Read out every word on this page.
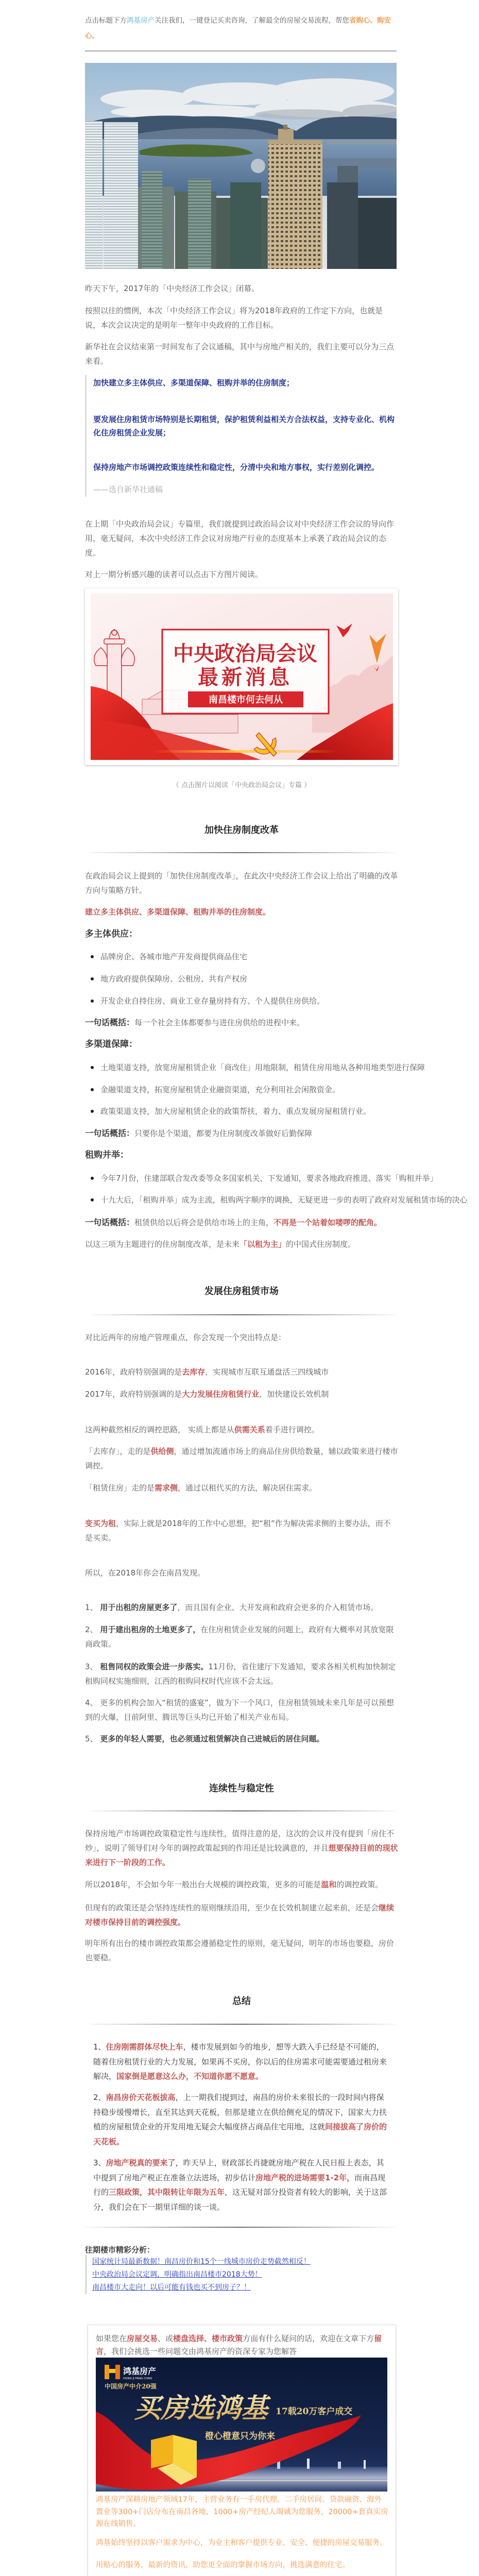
点击标题下方鸿基房产关注我们，一键登记买卖咨询，了解最全的房屋交易流程，帮您省购心、购安心。

昨天下午，2017年的「中央经济工作会议」闭幕。

按照以往的惯例，本次「中央经济工作会议」将为2018年政府的工作定下方向，也就是说，本次会议决定的是明年一整年中央政府的工作目标。

新华社在会议结束第一时间发布了会议通稿，其中与房地产相关的，我们主要可以分为三点来看。

加快建立多主体供应、多渠道保障、租购并举的住房制度；

要发展住房租赁市场特别是长期租赁，保护租赁利益相关方合法权益，支持专业化、机构化住房租赁企业发展；

保持房地产市场调控政策连续性和稳定性，分清中央和地方事权，实行差别化调控。

——选自新华社通稿

在上期「中央政治局会议」专篇里，我们就提到过政治局会议对中央经济工作会议的导向作用，毫无疑问，本次中央经济工作会议对房地产行业的态度基本上承袭了政治局会议的态度。

对上一期分析感兴趣的读者可以点击下方图片阅读。

中央政治局会议
最新消息
南昌楼市何去何从

（ 点击图片以阅读「中央政治局会议」专篇 ）

加快住房制度改革

在政治局会议上提到的「加快住房制度改革」，在此次中央经济工作会议上给出了明确的改革方向与策略方针。

建立多主体供应、多渠道保障、租购并举的住房制度。

多主体供应：

品牌房企、各城市地产开发商提供商品住宅
地方政府提供保障房、公租房、共有产权房
开发企业自持住房、商业工业存量房持有方、个人提供住房供给。

一句话概括：每一个社会主体都要参与进住房供给的进程中来。

多渠道保障：

土地渠道支持，放宽房屋租赁企业「商改住」用地限制，租赁住房用地从各种用地类型进行保障
金融渠道支持，拓宽房屋租赁企业融资渠道，充分利用社会闲散资金。
政策渠道支持，加大房屋租赁企业的政策帮扶，着力、重点发展房屋租赁行业。

一句话概括：只要你是个渠道，都要为住房制度改革做好后勤保障

租购并举：

今年7月份，住建部联合发改委等众多国家机关，下发通知，要求各地政府推进、落实「购租并举」
十九大后，「租购并举」成为主流，租购两字顺序的调换，无疑更进一步的表明了政府对发展租赁市场的决心

一句话概括：租赁供给以后将会是供给市场上的主角，不再是一个站着如喽啰的配角。

以这三项为主题进行的住房制度改革，是未来「以租为主」的中国式住房制度。

发展住房租赁市场

对比近两年的房地产管理重点，你会发现一个突出特点是：

2016年，政府特别强调的是去库存，实现城市互联互通盘活三四线城市

2017年，政府特别强调的是大力发展住房租赁行业，加快建设长效机制

这两种截然相反的调控思路， 实质上都是从供需关系着手进行调控。

「去库存」，走的是供给侧，通过增加流通市场上的商品住房供给数量，辅以政策来进行楼市调控。

「租赁住房」走的是需求侧，通过以租代买的方法，解决居住需求。

变买为租，实际上就是2018年的工作中心思想，把“租”作为解决需求侧的主要办法，而不是买卖。

所以，在2018年你会在南昌发现。

1、 用于出租的房屋更多了，而且国有企业、大开发商和政府会更多的介入租赁市场。

2、 用于建出租房的土地更多了，在住房租赁企业发展的问题上，政府有大概率对其放宽限商政策。

3、 租售同权的政策会进一步落实。11月份，省住建厅下发通知，要求各相关机构加快制定租购同权实施细则，江西的租购同权时代应该不会太远。

4、 更多的机构会加入“租赁的盛宴”，做为下一个风口，住房租赁领域未来几年是可以预想到的火爆，目前阿里、腾讯等巨头均已开始了相关产业布局。

5、 更多的年轻人需要，也必须通过租赁解决自己进城后的居住问题。

连续性与稳定性

保持房地产市场调控政策稳定性与连续性，值得注意的是，这次的会议并没有提到「房住不炒」，说明了领导们对今年的调控政策起到的作用还是比较满意的，并且想要保持目前的现状来进行下一阶段的工作。

所以2018年，不会如今年一般出台大规模的调控政策，更多的可能是温和的调控政策。

但现有的政策还是会坚持连续性的原则继续沿用，至少在长效机制建立起来前，还是会继续对楼市保持目前的调控强度。

明年所有出台的楼市调控政策都会遵循稳定性的原则，毫无疑问，明年的市场也要稳，房价也要稳。

总结

1、住房刚需群体尽快上车，楼市发展到如今的地步，想等大跌入手已经是不可能的，随着住房租赁行业的大力发展，如果再不买房，你以后的住房需求可能需要通过租房来解决，国家倒是愿意这么办，不知道你愿不愿意。

2、南昌房价天花板拔高，上一期我们提到过，南昌的房价未来很长的一段时间内将保持稳步缓慢增长，直至其达到天花板，但那是建立在供给侧充足的情况下，国家大力扶植的房屋租赁企业的开发用地无疑会大幅度挤占商品住宅用地，这就间接拔高了房价的天花板。

3、房地产税真的要来了，昨天早上，财政部长肖捷就房地产税在人民日报上表态，其中提到了房地产税正在准备立法进场，初步估计房地产税的进场需要1-2年，而南昌现行的三限政策，其中限转让年限为五年，这无疑对部分投资者有较大的影响，关于这部分，我们会在下一期里详细的谈一谈。

往期楼市精彩分析：

国家统计局最新数据！南昌房价和15个一线城市房价走势截然相反！
中央政治局会议定调，明确指出南昌楼市2018大势！
南昌楼市大走向！以后可能有钱也买不到房子？！

如果您在房屋交易、或楼盘选择、楼市政策方面有什么疑问的话，欢迎在文章下方留言，我们会挑选一些问题交由鸿基房产的资深专家为您解答

鸿基房产
HONG JI FANG CHAN
中国房产中介20强
买房选鸿基 17载20万客户成交
橙心橙意只为你来

鸿基房产深耕房地产领域17年，主营业务有一手房代理、二手房居间、贷款融资、海外置业等300+门店分布在南昌各地，1000+房产经纪人竭诚为您服务，20000+套真实房源在线销售。

鸿基始终坚持以客户需求为中心，为业主和客户提供专业、安全、便捷的房屋交易服务。

用贴心的服务，最新的资讯，助您更全面的掌握市场方向，挑选满意的住宅。
